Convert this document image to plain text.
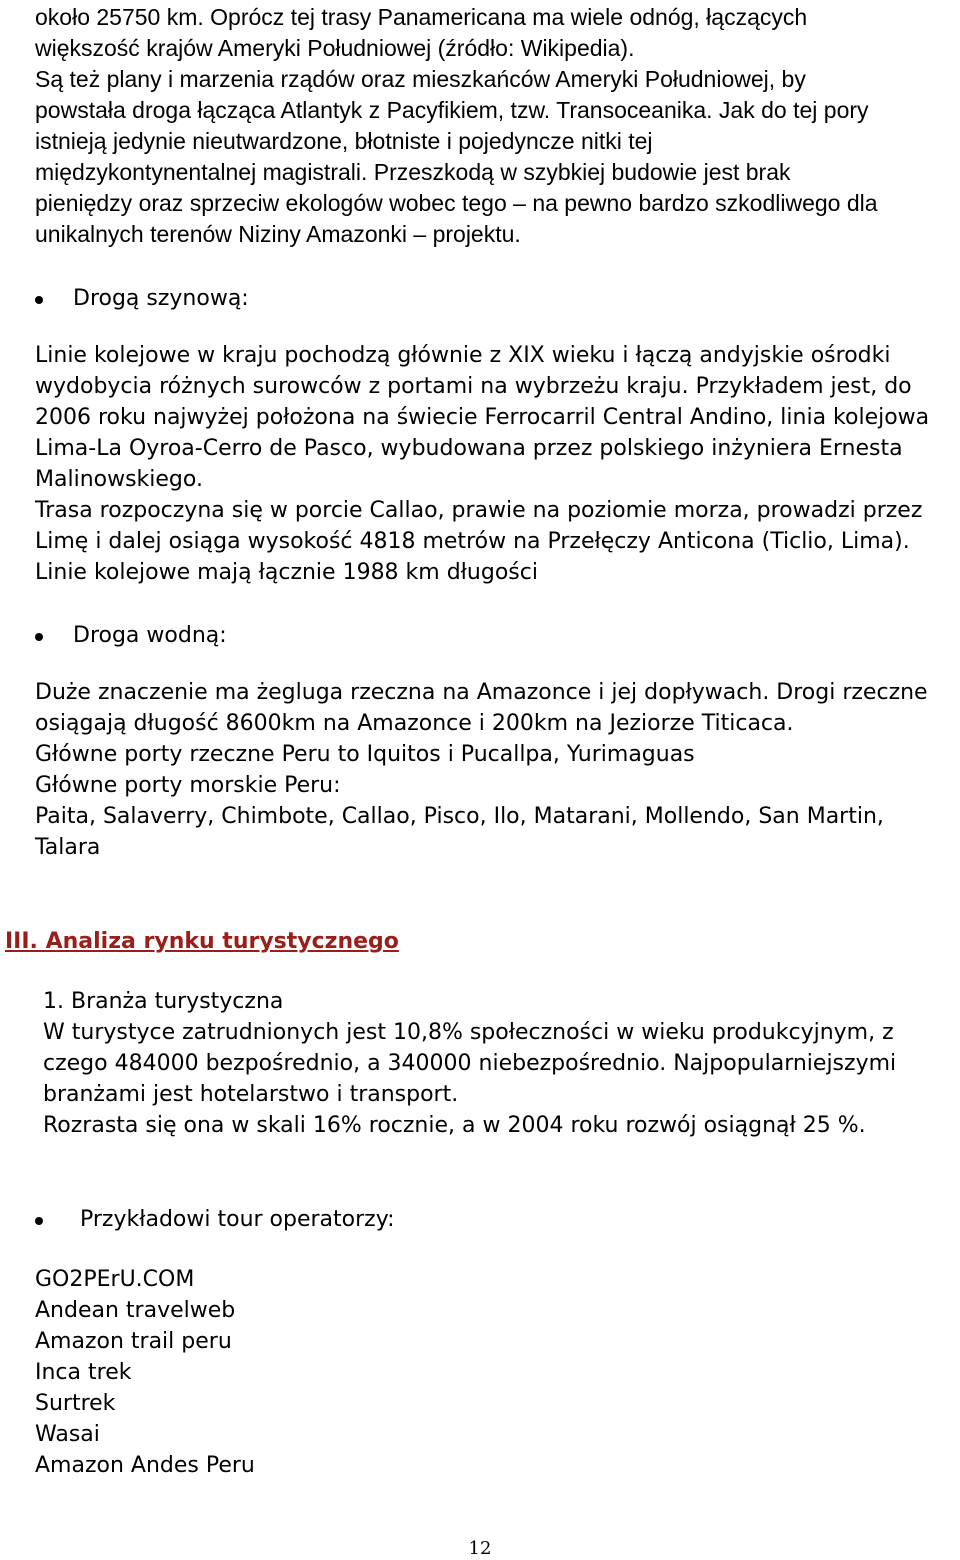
około 25750 km. Oprócz tej trasy Panamericana ma wiele odnóg, łączących
większość krajów Ameryki Południowej (źródło: Wikipedia).
Są też plany i marzenia rządów oraz mieszkańców Ameryki Południowej, by
powstała droga łącząca Atlantyk z Pacyfikiem, tzw. Transoceanika. Jak do tej pory
istnieją jedynie nieutwardzone, błotniste i pojedyncze nitki tej
międzykontynentalnej magistrali. Przeszkodą w szybkiej budowie jest brak
pieniędzy oraz sprzeciw ekologów wobec tego – na pewno bardzo szkodliwego dla
unikalnych terenów Niziny Amazonki – projektu.
Drogą szynową:
Linie kolejowe w kraju pochodzą głównie z XIX wieku i łączą andyjskie ośrodki
wydobycia różnych surowców z portami na wybrzeżu kraju. Przykładem jest, do
2006 roku najwyżej położona na świecie Ferrocarril Central Andino, linia kolejowa
Lima-La Oyroa-Cerro de Pasco, wybudowana przez polskiego inżyniera Ernesta
Malinowskiego.
Trasa rozpoczyna się w porcie Callao, prawie na poziomie morza, prowadzi przez
Limę i dalej osiąga wysokość 4818 metrów na Przełęczy Anticona (Ticlio, Lima).
Linie kolejowe mają łącznie 1988 km długości
Droga wodną:
Duże znaczenie ma żegluga rzeczna na Amazonce i jej dopływach. Drogi rzeczne
osiągają długość 8600km na Amazonce i 200km na Jeziorze Titicaca.
Główne porty rzeczne Peru to Iquitos i Pucallpa, Yurimaguas
Główne porty morskie Peru:
Paita, Salaverry, Chimbote, Callao, Pisco, Ilo, Matarani, Mollendo, San Martin,
Talara
III. Analiza rynku turystycznego
1. Branża turystyczna
W turystyce zatrudnionych jest 10,8% społeczności w wieku produkcyjnym, z
czego 484000 bezpośrednio, a 340000 niebezpośrednio. Najpopularniejszymi
branżami jest hotelarstwo i transport.
Rozrasta się ona w skali 16% rocznie, a w 2004 roku rozwój osiągnął 25 %.
Przykładowi tour operatorzy:
GO2PErU.COM
Andean travelweb
Amazon trail peru
Inca trek
Surtrek
Wasai
Amazon Andes Peru
12
